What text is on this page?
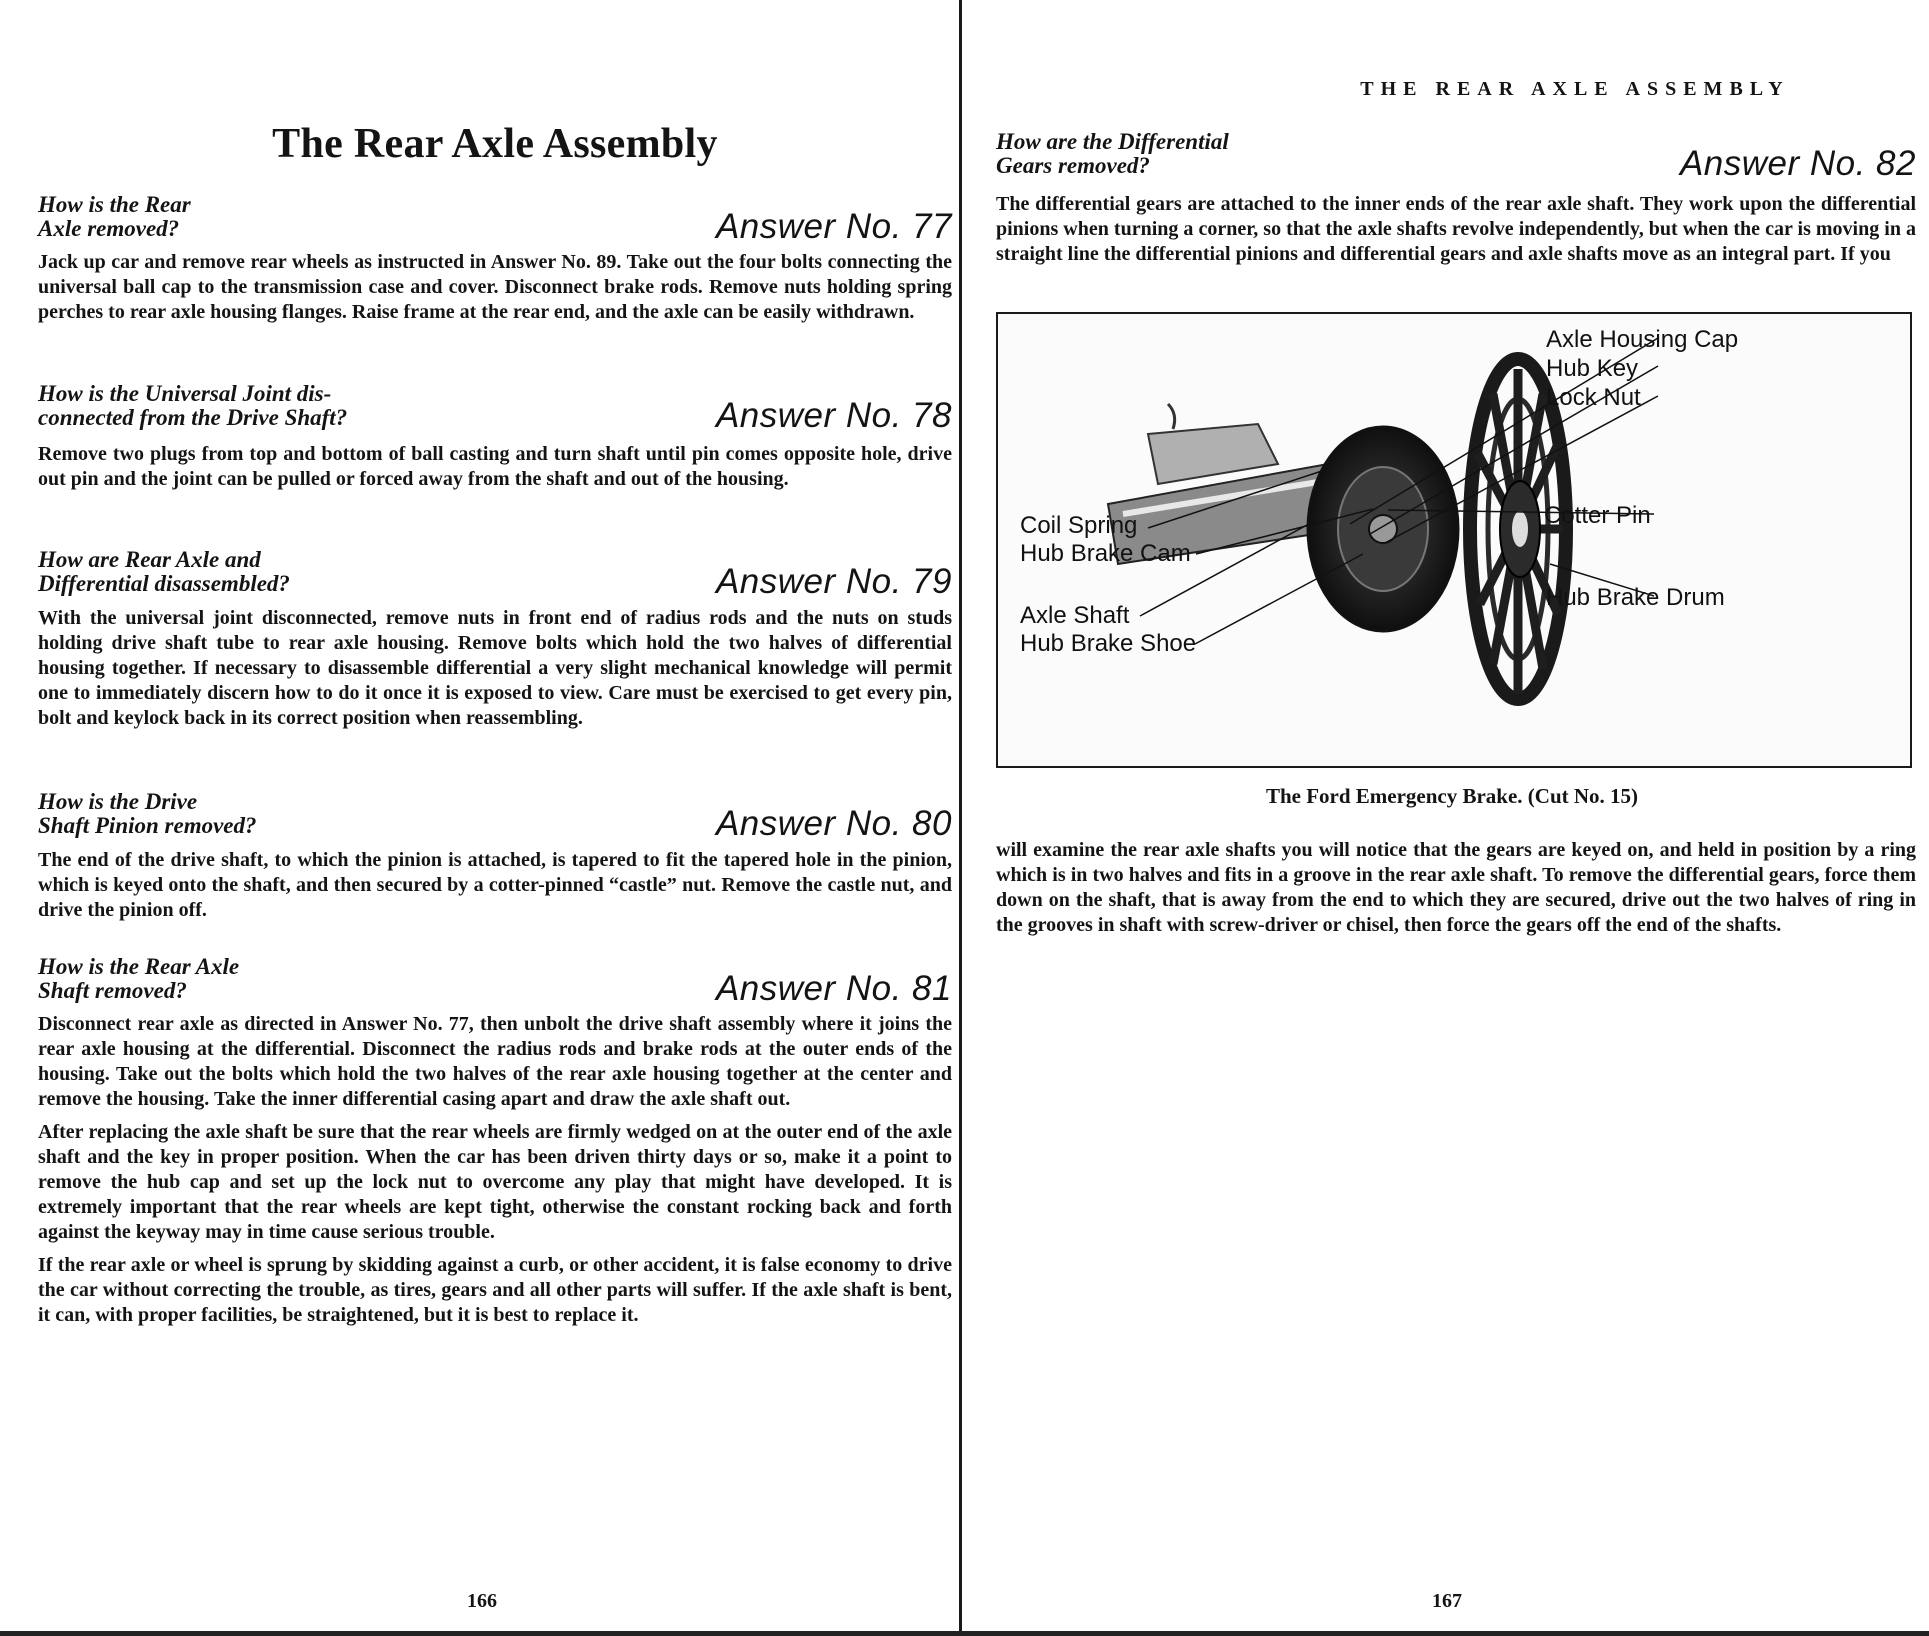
The Rear Axle Assembly
How is the Rear
Axle removed?	Answer No. 77

Jack up car and remove rear wheels as instructed in Answer No. 89. Take out the four bolts connecting the universal ball cap to the transmission case and cover. Disconnect brake rods. Remove nuts holding spring perches to rear axle housing flanges. Raise frame at the rear end, and the axle can be easily withdrawn.

How is the Universal Joint dis-
connected from the Drive Shaft?	Answer No. 78

Remove two plugs from top and bottom of ball casting and turn shaft until pin comes opposite hole, drive out pin and the joint can be pulled or forced away from the shaft and out of the housing.

How are Rear Axle and
Differential disassembled?	Answer No. 79

With the universal joint disconnected, remove nuts in front end of radius rods and the nuts on studs holding drive shaft tube to rear axle housing. Remove bolts which hold the two halves of differential housing together. If necessary to disassemble differential a very slight mechanical knowledge will permit one to immediately discern how to do it once it is exposed to view. Care must be exercised to get every pin, bolt and keylock back in its correct position when reassembling.

How is the Drive
Shaft Pinion removed?	Answer No. 80

The end of the drive shaft, to which the pinion is attached, is tapered to fit the tapered hole in the pinion, which is keyed onto the shaft, and then secured by a cotter-pinned “castle” nut. Remove the castle nut, and drive the pinion off.

How is the Rear Axle
Shaft removed?	Answer No. 81

Disconnect rear axle as directed in Answer No. 77, then unbolt the drive shaft assembly where it joins the rear axle housing at the differential. Disconnect the radius rods and brake rods at the outer ends of the housing. Take out the bolts which hold the two halves of the rear axle housing together at the center and remove the housing. Take the inner differential casing apart and draw the axle shaft out.

After replacing the axle shaft be sure that the rear wheels are firmly wedged on at the outer end of the axle shaft and the key in proper position. When the car has been driven thirty days or so, make it a point to remove the hub cap and set up the lock nut to overcome any play that might have developed. It is extremely important that the rear wheels are kept tight, otherwise the constant rocking back and forth against the keyway may in time cause serious trouble.

If the rear axle or wheel is sprung by skidding against a curb, or other accident, it is false economy to drive the car without correcting the trouble, as tires, gears and all other parts will suffer. If the axle shaft is bent, it can, with proper facilities, be straightened, but it is best to replace it.

166
THE REAR AXLE ASSEMBLY
How are the Differential
Gears removed?	Answer No. 82

The differential gears are attached to the inner ends of the rear axle shaft. They work upon the differential pinions when turning a corner, so that the axle shafts revolve independently, but when the car is moving in a straight line the differential pinions and differential gears and axle shafts move as an integral part. If you

Axle Housing Cap
Hub Key
Lock Nut
Cotter Pin
Hub Brake Drum
Coil Spring
Hub Brake Cam
Axle Shaft
Hub Brake Shoe
The Ford Emergency Brake. (Cut No. 15)

will examine the rear axle shafts you will notice that the gears are keyed on, and held in position by a ring which is in two halves and fits in a groove in the rear axle shaft. To remove the differential gears, force them down on the shaft, that is away from the end to which they are secured, drive out the two halves of ring in the grooves in shaft with screw-driver or chisel, then force the gears off the end of the shafts.

167
